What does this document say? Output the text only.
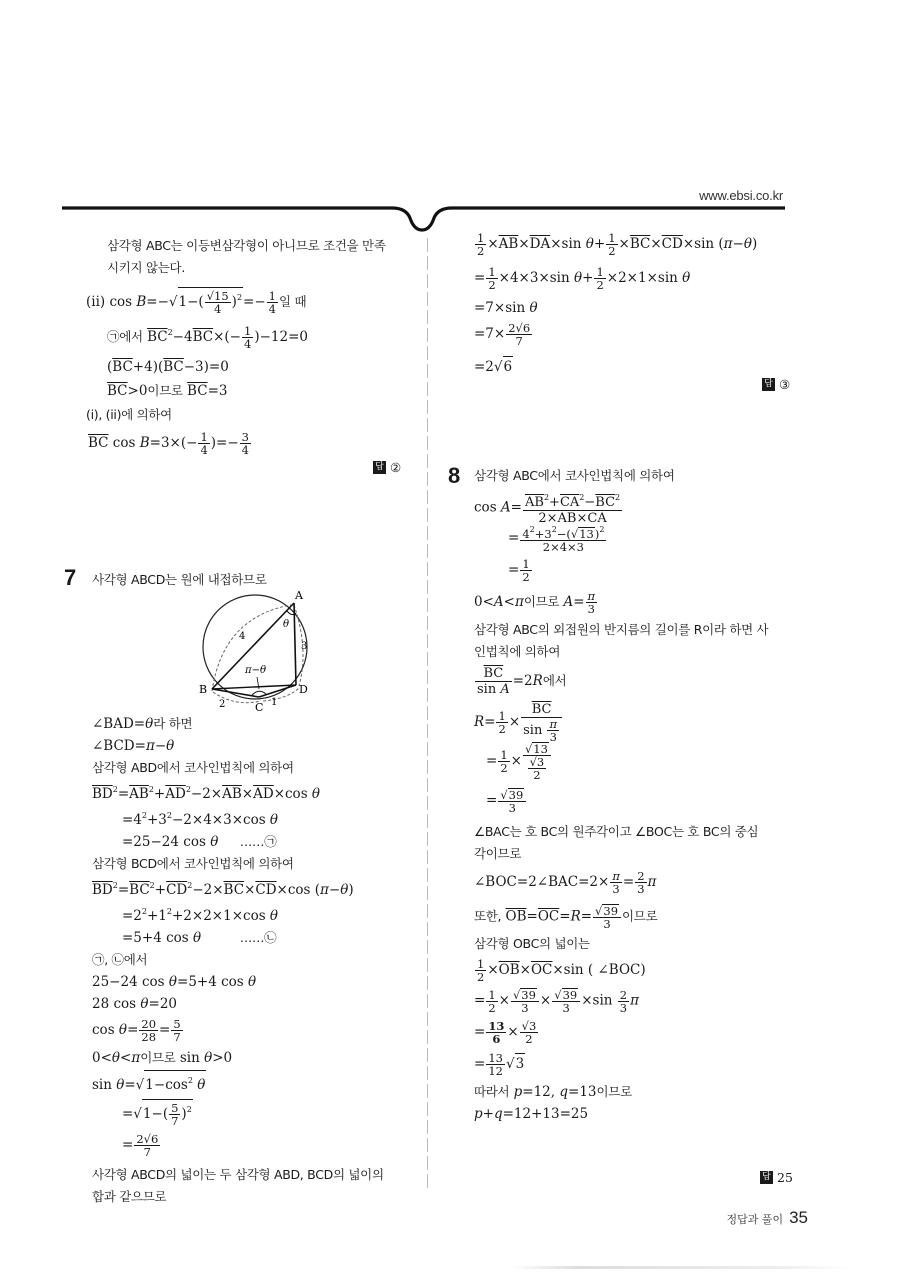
www.ebsi.co.kr
삼각형 ABC는 이등변삼각형이 아니므로 조건을 만족
시키지 않는다.
(ii) $\cos B=-√1-( \frac{√15}{4} )^2=- \frac{1}{4}$ 일 때
㉠에서 $\overline{BC}^2-4\overline{BC}\times(- \frac{1}{4} )-12=0$
$(\overline{BC}+4)(\overline{BC}-3)=0$
$\overline{BC}>0$이므로 $\overline{BC}=3$
(i), (ii)에 의하여
$\overline{BC}$ $\cos B=3\times(- \frac{1}{4}$ )=− $\frac{3}{4}$
답 ②
7 사각형 ABCD는 원에 내접하므로
A
B
C
D
4
3
2	1
θ
π−θ
∠BAD=θ라 하면
∠BCD=π−θ
삼각형 ABD에서 코사인법칙에 의하여
$\overline{BD}^2=\overline{AB}^2+\overline{AD}^2-2\times\overline{AB}\times\overline{AD}\times\cos$ θ
$=4^2+3^2-2\times 4\times 3\times\cos$ θ
=25−24 cos θ ……㉠
삼각형 BCD에서 코사인법칙에 의하여
$\overline{BD}^2=\overline{BC}^2+\overline{CD}^2-2\times\overline{BC}\times\overline{CD}\times\cos$ (π−θ)
$=2^2+1^2+2\times 2\times 1\times\cos$ θ
=5+4 cos θ	……㉡
㉠, ㉡에서
25−24 cos θ=5+4 cos θ
28 cos θ=20
$\cos \theta= \frac{20}{28} = \frac{5}{7}$
0<θ<π이므로 sin θ>0
$\sin \theta=√1-\cos^2$ θ
$=√1-( \frac{5}{7} )^2$
= $\frac{2√6}{7}$
사각형 ABCD의 넓이는 두 삼각형 ABD, BCD의 넓이의
합과 같으므로
$\frac{1}{2} \times\overline{AB}\times\overline{DA}\times\sin$ $\theta+ \frac{1}{2} \times\overline{BC}\times\overline{CD}\times\sin$ (π−θ)
= $\frac{1}{2} \times 4\times 3\times\sin$ $\theta+ \frac{1}{2} \times 2\times 1\times\sin$ θ
=7×sin θ
$=7\times \frac{2√6}{7}$
=2√6
답 ③
8 삼각형 ABC에서 코사인법칙에 의하여
$\cos A= \frac{\overline{AB}^2+\overline{CA}^2-\overline{BC}^2}{2\times\overline{AB}\times\overline{CA}}$
= $\frac{4^2+3^2-(√13)^2}{2\times 4\times 3}$
= $\frac{1}{2}$
0<A<π이므로 $A= \frac{\pi}{3}$
삼각형 ABC의 외접원의 반지름의 길이를 R이라 하면 사
인법칙에 의하여
$\frac{\overline{BC}}{\text{sin A}} =2R$에서
$R= \frac{1}{2} \times \frac{\overline{BC}}{\sin \frac{\pi}{3}}$
= $\frac{1}{2} \times \frac{√13}{\frac{√3}{2}}$
= $\frac{√39}{3}$
∠BAC는 호 BC의 원주각이고 ∠BOC는 호 BC의 중심
각이므로
∠BOC=2∠BAC=2× $\frac{\pi}{3} = \frac{2}{3}$ π
또한, $\overline{OB}=\overline{OC}=R= \frac{√39}{3}$ 이므로
삼각형 OBC의 넓이는
$\frac{1}{2} \times\overline{OB}\times\overline{OC}\times\sin$ ( ∠BOC)
= $\frac{1}{2} \times \frac{√39}{3} \times \frac{√39}{3} \times\sin \frac{2}{3}$ π
= $\frac{13}{6} \times \frac{√3}{2}$
= $\frac{13}{12} √3$
따라서 p=12, q=13이므로
p+q=12+13=25
답 25
정답과 풀이 35
